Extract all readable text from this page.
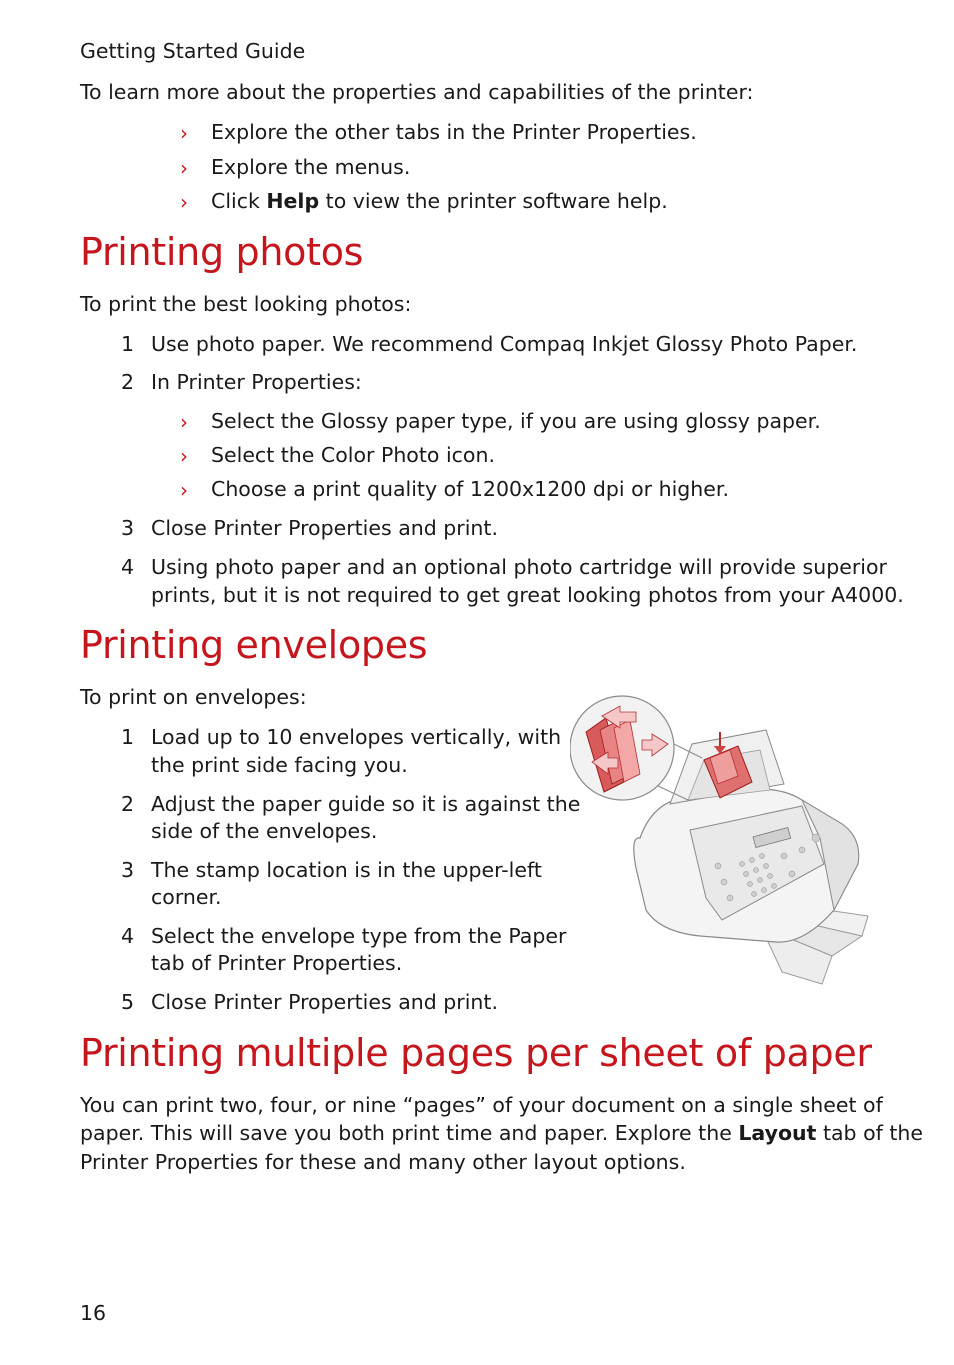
Getting Started Guide
To learn more about the properties and capabilities of the printer:
› Explore the other tabs in the Printer Properties.
› Explore the menus.
› Click Help to view the printer software help.
Printing photos
To print the best looking photos:
1 Use photo paper. We recommend Compaq Inkjet Glossy Photo Paper.
2 In Printer Properties:
› Select the Glossy paper type, if you are using glossy paper.
› Select the Color Photo icon.
› Choose a print quality of 1200x1200 dpi or higher.
3 Close Printer Properties and print.
4 Using photo paper and an optional photo cartridge will provide superior
prints, but it is not required to get great looking photos from your A4000.
Printing envelopes
To print on envelopes:
1 Load up to 10 envelopes vertically, with
the print side facing you.
2 Adjust the paper guide so it is against the
side of the envelopes.
3 The stamp location is in the upper-left
corner.
4 Select the envelope type from the Paper
tab of Printer Properties.
5 Close Printer Properties and print.
Printing multiple pages per sheet of paper
You can print two, four, or nine “pages” of your document on a single sheet of
paper. This will save you both print time and paper. Explore the Layout tab of the
Printer Properties for these and many other layout options.
16
